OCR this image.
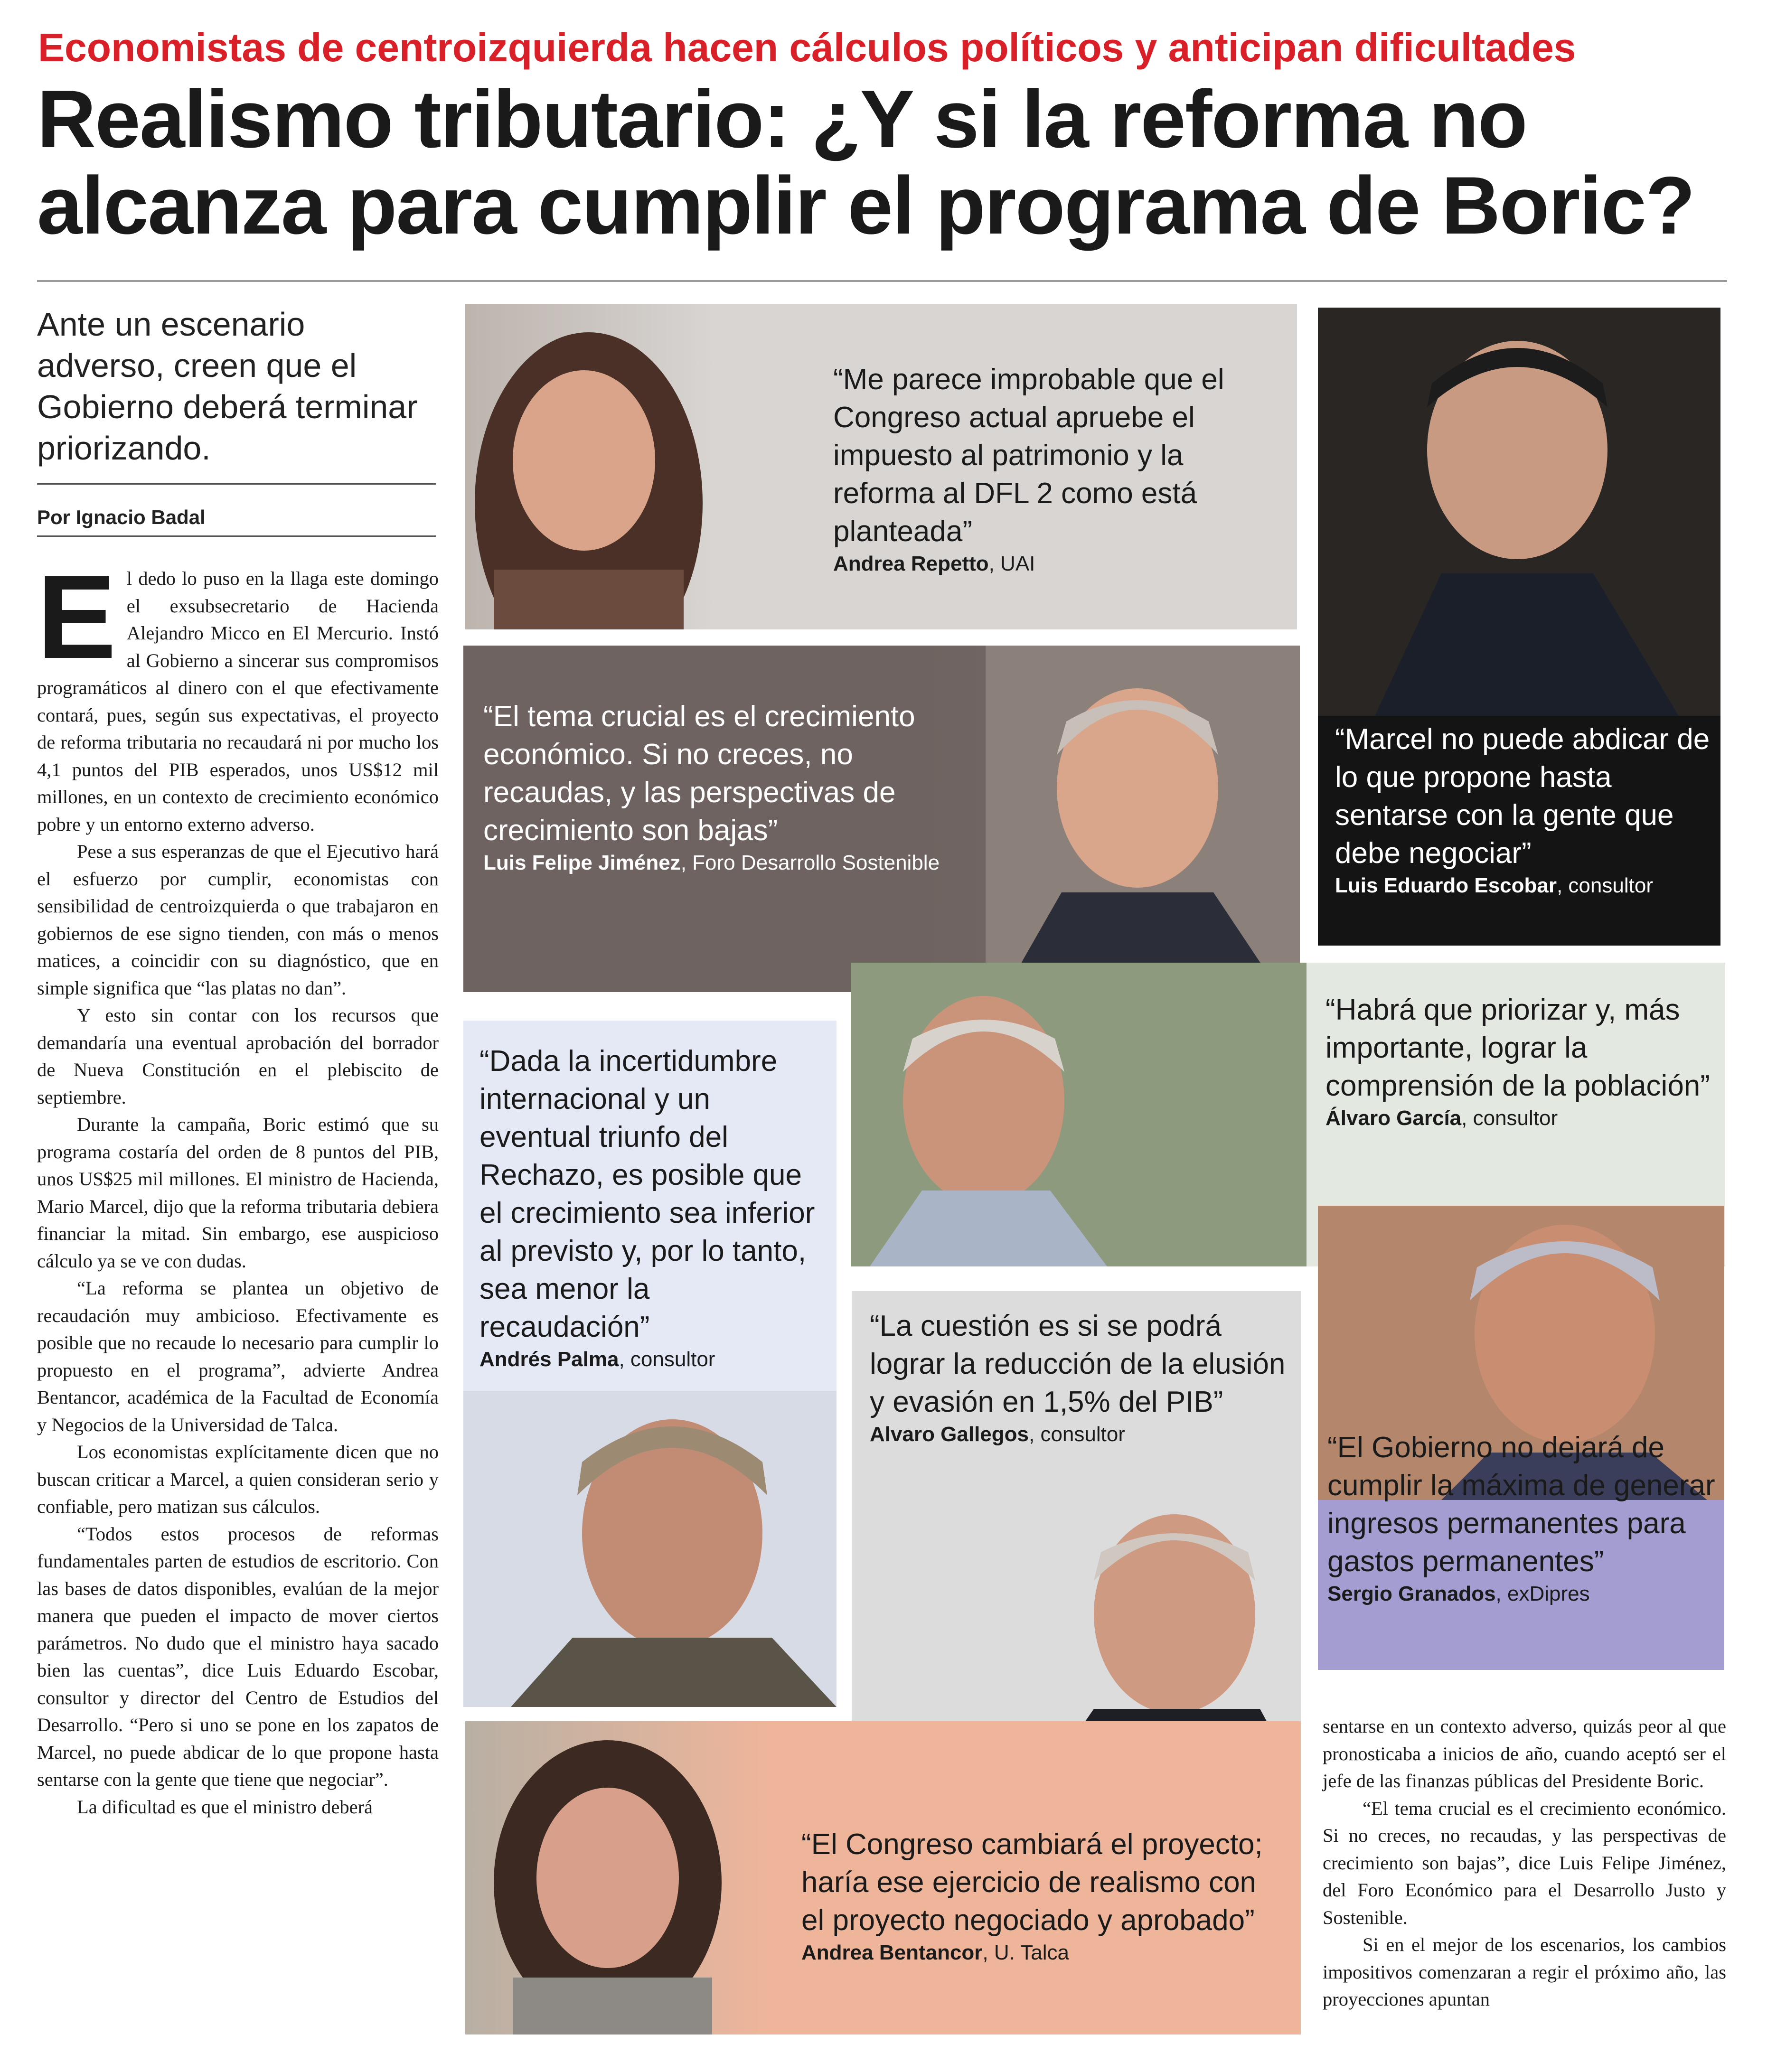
Economistas de centroizquierda hacen cálculos políticos y anticipan dificultades
Realismo tributario: ¿Y si la reforma no
alcanza para cumplir el programa de Boric?
Ante un escenario adverso, creen que el Gobierno deberá terminar priorizando.
Por Ignacio Badal

El dedo lo puso en la llaga este domingo el exsubsecretario de Hacienda Alejandro Micco en El Mercurio. Instó al Gobierno a sincerar sus compromisos programáticos al dinero con el que efectivamente contará, pues, según sus expectativas, el proyecto de reforma tributaria no recaudará ni por mucho los 4,1 puntos del PIB esperados, unos US$12 mil millones, en un contexto de crecimiento económico pobre y un entorno externo adverso.

Pese a sus esperanzas de que el Ejecutivo hará el esfuerzo por cumplir, economistas con sensibilidad de centroizquierda o que trabajaron en gobiernos de ese signo tienden, con más o menos matices, a coincidir con su diagnóstico, que en simple significa que “las platas no dan”.

Y esto sin contar con los recursos que demandaría una eventual aprobación del borrador de Nueva Constitución en el plebiscito de septiembre.

Durante la campaña, Boric estimó que su programa costaría del orden de 8 puntos del PIB, unos US$25 mil millones. El ministro de Hacienda, Mario Marcel, dijo que la reforma tributaria debiera financiar la mitad. Sin embargo, ese auspicioso cálculo ya se ve con dudas.

“La reforma se plantea un objetivo de recaudación muy ambicioso. Efectivamente es posible que no recaude lo necesario para cumplir lo propuesto en el programa”, advierte Andrea Bentancor, académica de la Facultad de Economía y Negocios de la Universidad de Talca.

Los economistas explícitamente dicen que no buscan criticar a Marcel, a quien consideran serio y confiable, pero matizan sus cálculos.

“Todos estos procesos de reformas fundamentales parten de estudios de escritorio. Con las bases de datos disponibles, evalúan de la mejor manera que pueden el impacto de mover ciertos parámetros. No dudo que el ministro haya sacado bien las cuentas”, dice Luis Eduardo Escobar, consultor y director del Centro de Estudios del Desarrollo. “Pero si uno se pone en los zapatos de Marcel, no puede abdicar de lo que propone hasta sentarse con la gente que tiene que negociar”.

La dificultad es que el ministro deberá

sentarse en un contexto adverso, quizás peor al que pronosticaba a inicios de año, cuando aceptó ser el jefe de las finanzas públicas del Presidente Boric.

“El tema crucial es el crecimiento económico. Si no creces, no recaudas, y las perspectivas de crecimiento son bajas”, dice Luis Felipe Jiménez, del Foro Económico para el Desarrollo Justo y Sostenible.

Si en el mejor de los escenarios, los cambios impositivos comenzaran a regir el próximo año, las proyecciones apuntan

“Me parece improbable que el Congreso actual apruebe el impuesto al patrimonio y la reforma al DFL 2 como está planteada”
Andrea Repetto, UAI
“Marcel no puede abdicar de lo que propone hasta sentarse con la gente que debe negociar”
Luis Eduardo Escobar, consultor
“El tema crucial es el crecimiento económico. Si no creces, no recaudas, y las perspectivas de crecimiento son bajas”
Luis Felipe Jiménez, Foro Desarrollo Sostenible
“Habrá que priorizar y, más importante, lograr la comprensión de la población”
Álvaro García, consultor
“Dada la incertidumbre internacional y un eventual triunfo del Rechazo, es posible que el crecimiento sea inferior al previsto y, por lo tanto, sea menor la recaudación”
Andrés Palma, consultor
“La cuestión es si se podrá lograr la reducción de la elusión y evasión en 1,5% del PIB”
Alvaro Gallegos, consultor	“El Gobierno no dejará de cumplir la máxima de generar ingresos permanentes para gastos permanentes”
Sergio Granados, exDipres
“El Congreso cambiará el proyecto; haría ese ejercicio de realismo con el proyecto negociado y aprobado”
Andrea Bentancor, U. Talca
